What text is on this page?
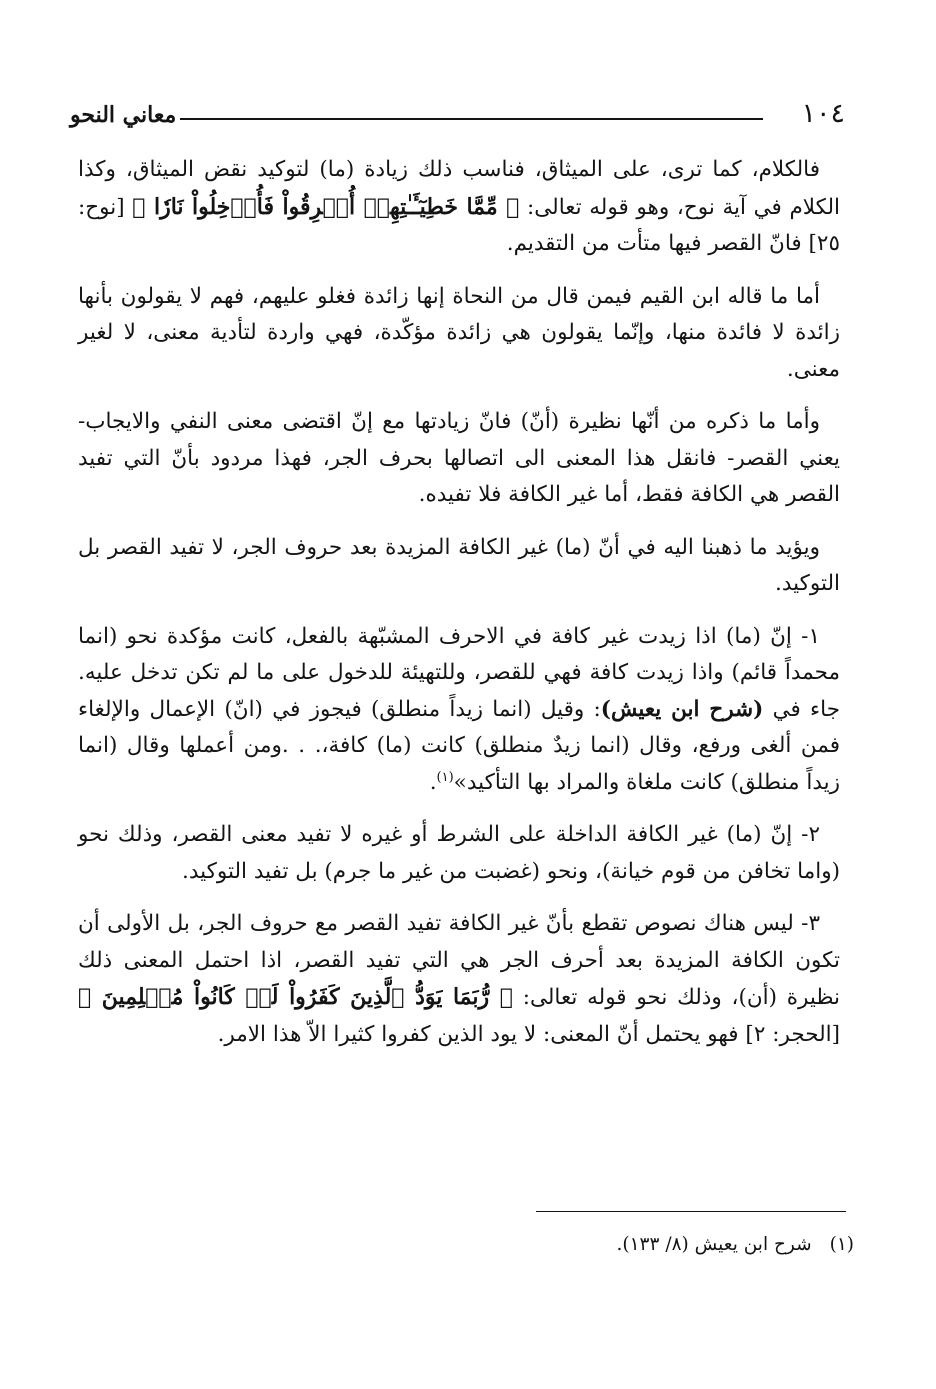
١٠٤
معاني النحو

فالكلام، كما ترى، على الميثاق، فناسب ذلك زيادة (ما) لتوكيد نقض الميثاق، وكذا الكلام في آية نوح، وهو قوله تعالى: ﴿ مِّمَّا خَطِيٓـَٔـٰتِهِمۡ أُغۡرِقُواْ فَأُدۡخِلُواْ نَارٗا ﴾ [نوح: ٢٥] فانّ القصر فيها متأت من التقديم.

أما ما قاله ابن القيم فيمن قال من النحاة إنها زائدة فغلو عليهم، فهم لا يقولون بأنها زائدة لا فائدة منها، وإنّما يقولون هي زائدة مؤكّدة، فهي واردة لتأدية معنى، لا لغير معنى.

وأما ما ذكره من أنّها نظيرة (أنّ) فانّ زيادتها مع إنّ اقتضى معنى النفي والايجاب- يعني القصر- فانقل هذا المعنى الى اتصالها بحرف الجر، فهذا مردود بأنّ التي تفيد القصر هي الكافة فقط، أما غير الكافة فلا تفيده.

ويؤيد ما ذهبنا اليه في أنّ (ما) غير الكافة المزيدة بعد حروف الجر، لا تفيد القصر بل التوكيد.

١- إنّ (ما) اذا زيدت غير كافة في الاحرف المشبّهة بالفعل، كانت مؤكدة نحو (انما محمداً قائم) واذا زيدت كافة فهي للقصر، وللتهيئة للدخول على ما لم تكن تدخل عليه. جاء في (شرح ابن يعيش): وقيل (انما زيداً منطلق) فيجوز في (انّ) الإعمال والإلغاء فمن ألغى ورفع، وقال (انما زيدٌ منطلق) كانت (ما) كافة،. . .ومن أعملها وقال (انما زيداً منطلق) كانت ملغاة والمراد بها التأكيد»$^{(١)}$.

٢- إنّ (ما) غير الكافة الداخلة على الشرط أو غيره لا تفيد معنى القصر، وذلك نحو (واما تخافن من قوم خيانة)، ونحو (غضبت من غير ما جرم) بل تفيد التوكيد.

٣- ليس هناك نصوص تقطع بأنّ غير الكافة تفيد القصر مع حروف الجر، بل الأولى أن تكون الكافة المزيدة بعد أحرف الجر هي التي تفيد القصر، اذا احتمل المعنى ذلك نظيرة (أن)، وذلك نحو قوله تعالى: ﴿ رُّبَمَا يَوَدُّ ٱلَّذِينَ كَفَرُواْ لَوۡ كَانُواْ مُسۡلِمِينَ ﴾ [الحجر: ٢] فهو يحتمل أنّ المعنى: لا يود الذين كفروا كثيرا الاّ هذا الامر.

(١)شرح ابن يعيش (٨/ ١٣٣).
